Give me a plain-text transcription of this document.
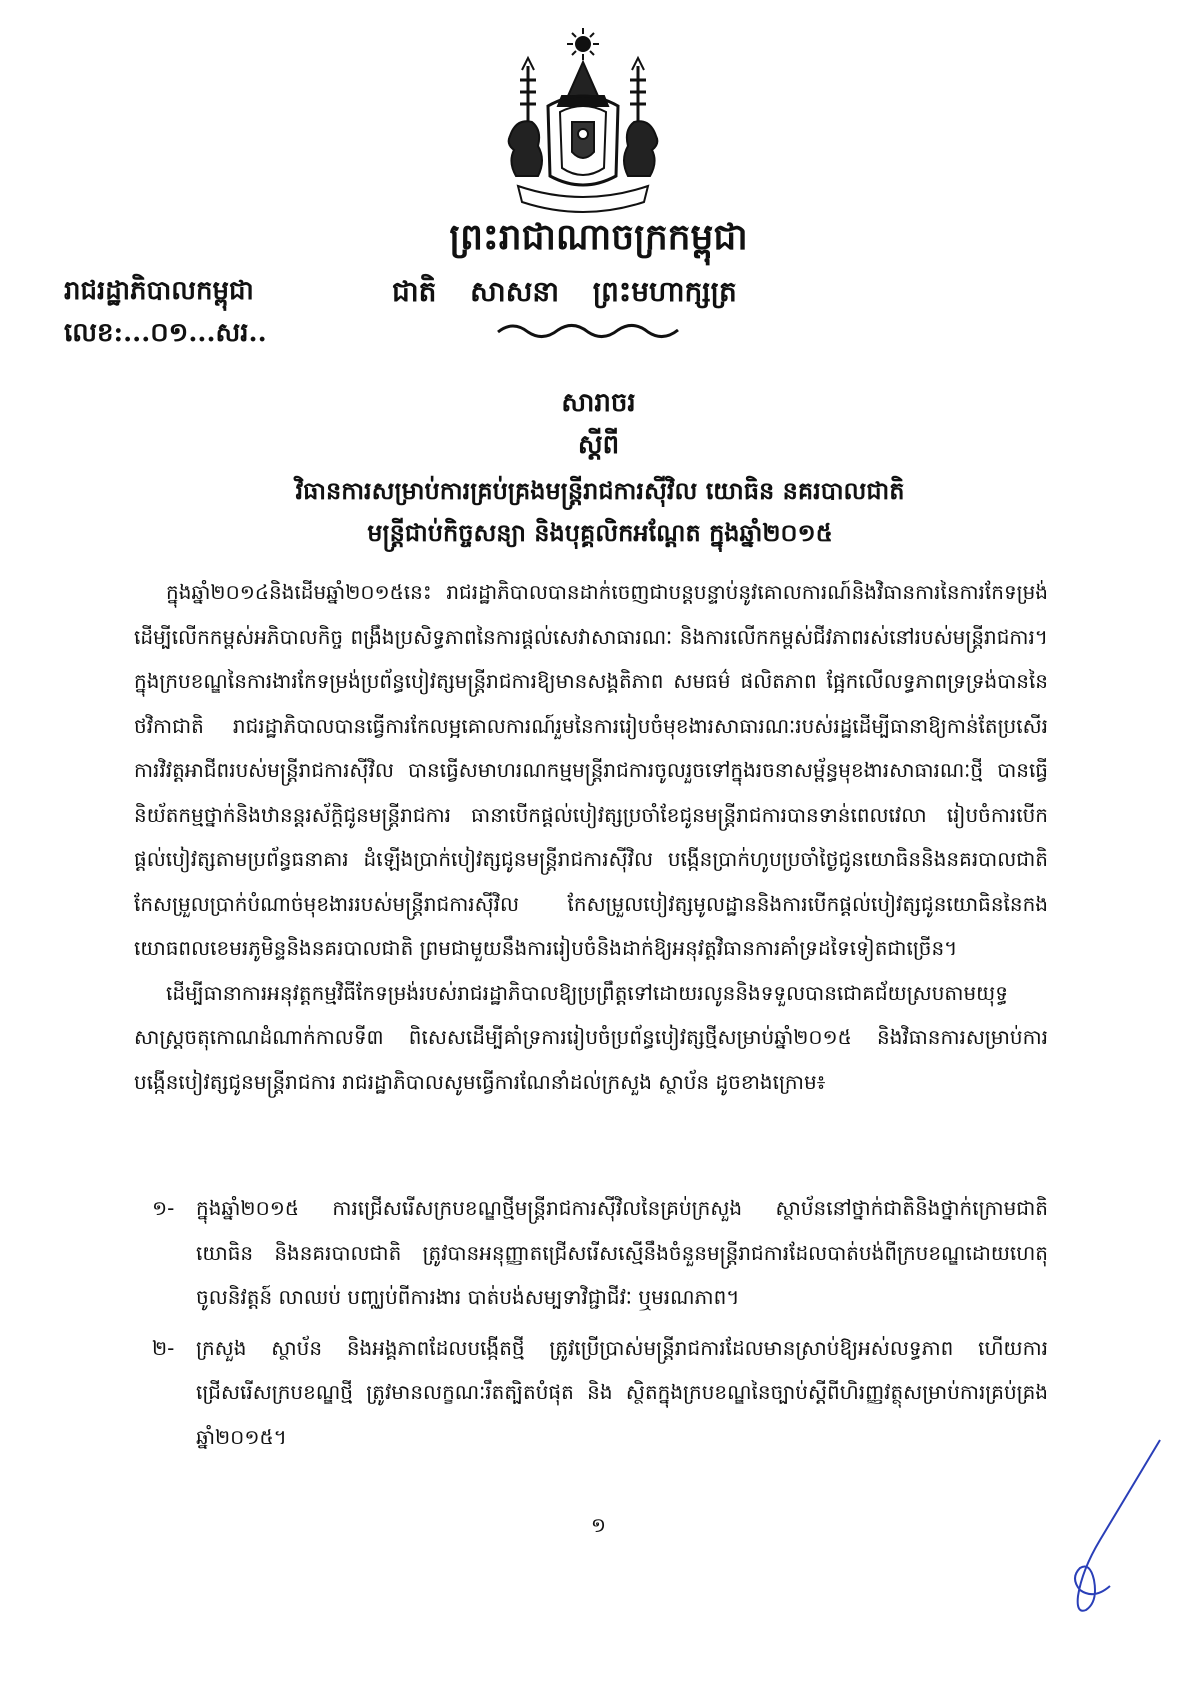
ព្រះរាជាណាចក្រកម្ពុជា
ជាតិ សាសនា ព្រះមហាក្សត្រ
រាជរដ្ឋាភិបាលកម្ពុជា
លេខ:...០១...សរ..
សារាចរ
ស្តីពី
វិធានការសម្រាប់ការគ្រប់គ្រងមន្ត្រីរាជការស៊ីវិល យោធិន នគរបាលជាតិ
មន្ត្រីជាប់កិច្ចសន្យា និងបុគ្គលិកអណ្តែត ក្នុងឆ្នាំ២០១៥

ក្នុងឆ្នាំ២០១៤និងដើមឆ្នាំ២០១៥នេះ រាជរដ្ឋាភិបាលបានដាក់ចេញជាបន្តបន្ទាប់នូវគោលការណ៍និងវិធានការនៃការកែទម្រង់ ដើម្បីលើកកម្ពស់អភិបាលកិច្ច ពង្រឹងប្រសិទ្ធភាពនៃការផ្តល់សេវាសាធារណៈ និងការលើកកម្ពស់ជីវភាពរស់នៅរបស់មន្ត្រីរាជការ។ ក្នុងក្របខណ្ឌនៃការងារកែទម្រង់ប្រព័ន្ធបៀវត្សមន្ត្រីរាជការឱ្យមានសង្គតិភាព សមធម៌ ផលិតភាព ផ្អែកលើលទ្ធភាពទ្រទ្រង់បាននៃថវិកាជាតិ រាជរដ្ឋាភិបាលបានធ្វើការកែលម្អគោលការណ៍រួមនៃការរៀបចំមុខងារសាធារណៈរបស់រដ្ឋដើម្បីធានាឱ្យកាន់តែប្រសើរការវិវត្តអាជីពរបស់មន្ត្រីរាជការស៊ីវិល បានធ្វើសមាហរណកម្មមន្ត្រីរាជការចូលរួចទៅក្នុងរចនាសម្ព័ន្ធមុខងារសាធារណៈថ្មី បានធ្វើនិយ័តកម្មថ្នាក់និងឋានន្តរស័ក្តិជូនមន្ត្រីរាជការ ធានាបើកផ្តល់បៀវត្សប្រចាំខែជូនមន្ត្រីរាជការបានទាន់ពេលវេលា រៀបចំការបើកផ្តល់បៀវត្សតាមប្រព័ន្ធធនាគារ ដំឡើងប្រាក់បៀវត្សជូនមន្ត្រីរាជការស៊ីវិល បង្កើនប្រាក់ហូបប្រចាំថ្ងៃជូនយោធិននិងនគរបាលជាតិ កែសម្រួលប្រាក់បំណាច់មុខងាររបស់មន្ត្រីរាជការស៊ីវិល កែសម្រួលបៀវត្សមូលដ្ឋាននិងការបើកផ្តល់បៀវត្សជូនយោធិននៃកងយោធពលខេមរភូមិន្ទនិងនគរបាលជាតិ ព្រមជាមួយនឹងការរៀបចំនិងដាក់ឱ្យអនុវត្តវិធានការគាំទ្រដទៃទៀតជាច្រើន។

ដើម្បីធានាការអនុវត្តកម្មវិធីកែទម្រង់របស់រាជរដ្ឋាភិបាលឱ្យប្រព្រឹត្តទៅដោយរលូននិងទទួលបានជោគជ័យស្របតាមយុទ្ធសាស្ត្រចតុកោណដំណាក់កាលទី៣ ពិសេសដើម្បីគាំទ្រការរៀបចំប្រព័ន្ធបៀវត្សថ្មីសម្រាប់ឆ្នាំ២០១៥ និងវិធានការសម្រាប់ការបង្កើនបៀវត្សជូនមន្ត្រីរាជការ រាជរដ្ឋាភិបាលសូមធ្វើការណែនាំដល់ក្រសួង ស្ថាប័ន ដូចខាងក្រោម៖

១-	ក្នុងឆ្នាំ២០១៥ ការជ្រើសរើសក្របខណ្ឌថ្មីមន្ត្រីរាជការស៊ីវិលនៃគ្រប់ក្រសួង ស្ថាប័ននៅថ្នាក់ជាតិនិងថ្នាក់ក្រោមជាតិ យោធិន និងនគរបាលជាតិ ត្រូវបានអនុញ្ញាតជ្រើសរើសស្មើនឹងចំនួនមន្ត្រីរាជការដែលបាត់បង់ពីក្របខណ្ឌដោយហេតុចូលនិវត្តន៍ លាឈប់ បញ្ឈប់ពីការងារ បាត់បង់សម្បទាវិជ្ជាជីវៈ ឬមរណភាព។
២-	ក្រសួង ស្ថាប័ន និងអង្គភាពដែលបង្កើតថ្មី ត្រូវប្រើប្រាស់មន្ត្រីរាជការដែលមានស្រាប់ឱ្យអស់លទ្ធភាព ហើយការជ្រើសរើសក្របខណ្ឌថ្មី ត្រូវមានលក្ខណៈរឹតត្បិតបំផុត និង ស្ថិតក្នុងក្របខណ្ឌនៃច្បាប់ស្តីពីហិរញ្ញវត្ថុសម្រាប់ការគ្រប់គ្រងឆ្នាំ២០១៥។
១
